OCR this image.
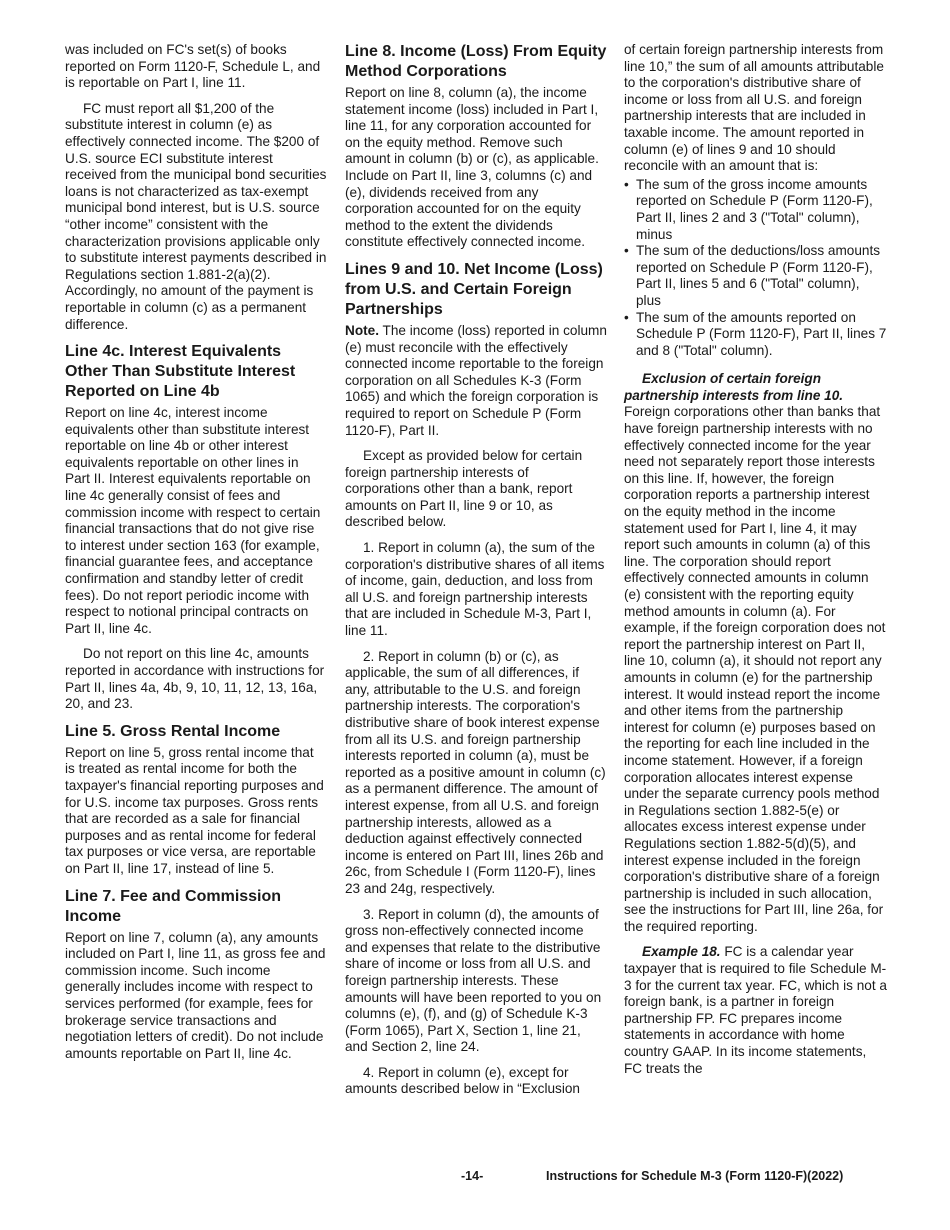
was included on FC's set(s) of books reported on Form 1120-F, Schedule L, and is reportable on Part I, line 11.

FC must report all $1,200 of the substitute interest in column (e) as effectively connected income. The $200 of U.S. source ECI substitute interest received from the municipal bond securities loans is not characterized as tax-exempt municipal bond interest, but is U.S. source “other income” consistent with the characterization provisions applicable only to substitute interest payments described in Regulations section 1.881-2(a)(2). Accordingly, no amount of the payment is reportable in column (c) as a permanent difference.

Line 4c. Interest Equivalents Other Than Substitute Interest Reported on Line 4b

Report on line 4c, interest income equivalents other than substitute interest reportable on line 4b or other interest equivalents reportable on other lines in Part II. Interest equivalents reportable on line 4c generally consist of fees and commission income with respect to certain financial transactions that do not give rise to interest under section 163 (for example, financial guarantee fees, and acceptance confirmation and standby letter of credit fees). Do not report periodic income with respect to notional principal contracts on Part II, line 4c.

Do not report on this line 4c, amounts reported in accordance with instructions for Part II, lines 4a, 4b, 9, 10, 11, 12, 13, 16a, 20, and 23.

Line 5. Gross Rental Income

Report on line 5, gross rental income that is treated as rental income for both the taxpayer's financial reporting purposes and for U.S. income tax purposes. Gross rents that are recorded as a sale for financial purposes and as rental income for federal tax purposes or vice versa, are reportable on Part II, line 17, instead of line 5.

Line 7. Fee and Commission Income

Report on line 7, column (a), any amounts included on Part I, line 11, as gross fee and commission income. Such income generally includes income with respect to services performed (for example, fees for brokerage service transactions and negotiation letters of credit). Do not include amounts reportable on Part II, line 4c.

Line 8. Income (Loss) From Equity Method Corporations

Report on line 8, column (a), the income statement income (loss) included in Part I, line 11, for any corporation accounted for on the equity method. Remove such amount in column (b) or (c), as applicable. Include on Part II, line 3, columns (c) and (e), dividends received from any corporation accounted for on the equity method to the extent the dividends constitute effectively connected income.

Lines 9 and 10. Net Income (Loss) from U.S. and Certain Foreign Partnerships

Note. The income (loss) reported in column (e) must reconcile with the effectively connected income reportable to the foreign corporation on all Schedules K-3 (Form 1065) and which the foreign corporation is required to report on Schedule P (Form 1120-F), Part II.

Except as provided below for certain foreign partnership interests of corporations other than a bank, report amounts on Part II, line 9 or 10, as described below.

1. Report in column (a), the sum of the corporation's distributive shares of all items of income, gain, deduction, and loss from all U.S. and foreign partnership interests that are included in Schedule M-3, Part I, line 11.

2. Report in column (b) or (c), as applicable, the sum of all differences, if any, attributable to the U.S. and foreign partnership interests. The corporation's distributive share of book interest expense from all its U.S. and foreign partnership interests reported in column (a), must be reported as a positive amount in column (c) as a permanent difference. The amount of interest expense, from all U.S. and foreign partnership interests, allowed as a deduction against effectively connected income is entered on Part III, lines 26b and 26c, from Schedule I (Form 1120-F), lines 23 and 24g, respectively.

3. Report in column (d), the amounts of gross non-effectively connected income and expenses that relate to the distributive share of income or loss from all U.S. and foreign partnership interests. These amounts will have been reported to you on columns (e), (f), and (g) of Schedule K-3 (Form 1065), Part X, Section 1, line 21, and Section 2, line 24.

4. Report in column (e), except for amounts described below in “Exclusion

of certain foreign partnership interests from line 10,” the sum of all amounts attributable to the corporation's distributive share of income or loss from all U.S. and foreign partnership interests that are included in taxable income. The amount reported in column (e) of lines 9 and 10 should reconcile with an amount that is:

• The sum of the gross income amounts reported on Schedule P (Form 1120-F), Part II, lines 2 and 3 ("Total" column), minus
• The sum of the deductions/loss amounts reported on Schedule P (Form 1120-F), Part II, lines 5 and 6 ("Total" column), plus
• The sum of the amounts reported on Schedule P (Form 1120-F), Part II, lines 7 and 8 ("Total" column).

Exclusion of certain foreign partnership interests from line 10. Foreign corporations other than banks that have foreign partnership interests with no effectively connected income for the year need not separately report those interests on this line. If, however, the foreign corporation reports a partnership interest on the equity method in the income statement used for Part I, line 4, it may report such amounts in column (a) of this line. The corporation should report effectively connected amounts in column (e) consistent with the reporting equity method amounts in column (a). For example, if the foreign corporation does not report the partnership interest on Part II, line 10, column (a), it should not report any amounts in column (e) for the partnership interest. It would instead report the income and other items from the partnership interest for column (e) purposes based on the reporting for each line included in the income statement. However, if a foreign corporation allocates interest expense under the separate currency pools method in Regulations section 1.882-5(e) or allocates excess interest expense under Regulations section 1.882-5(d)(5), and interest expense included in the foreign corporation's distributive share of a foreign partnership is included in such allocation, see the instructions for Part III, line 26a, for the required reporting.

Example 18. FC is a calendar year taxpayer that is required to file Schedule M-3 for the current tax year. FC, which is not a foreign bank, is a partner in foreign partnership FP. FC prepares income statements in accordance with home country GAAP. In its income statements, FC treats the

-14-	Instructions for Schedule M-3 (Form 1120-F)(2022)
